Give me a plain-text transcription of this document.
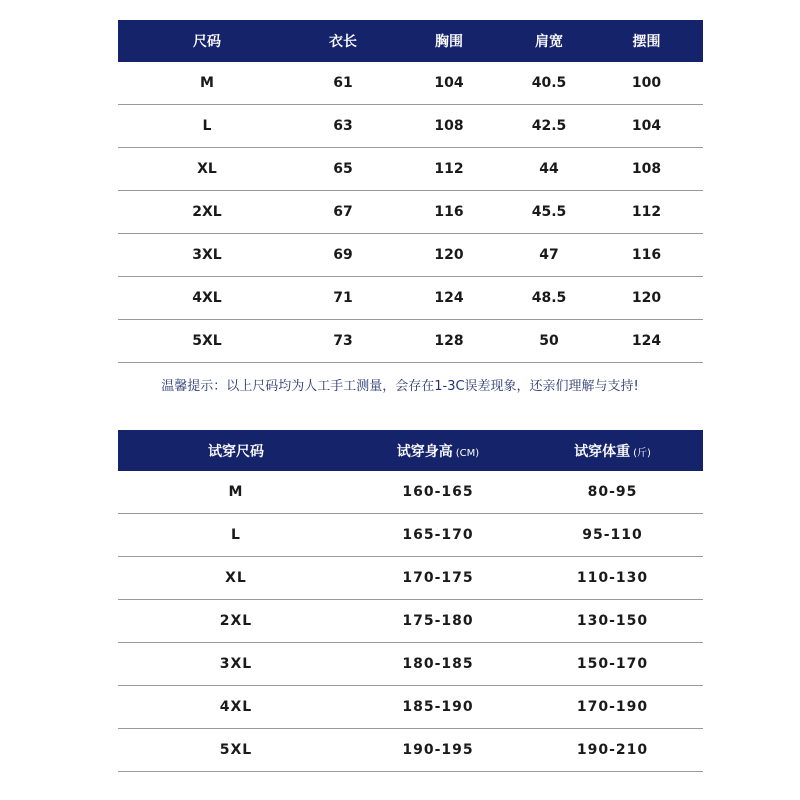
尺码	衣长	胸围	肩宽	摆围
M	61	104	40.5	100
L	63	108	42.5	104
XL	65	112	44	108
2XL	67	116	45.5	112
3XL	69	120	47	116
4XL	71	124	48.5	120
5XL	73	128	50	124
温馨提示：以上尺码均为人工手工测量，会存在1-3C误差现象，还亲们理解与支持!
试穿尺码	试穿身高 (CM)	试穿体重 (斤)
M	160-165	80-95
L	165-170	95-110
XL	170-175	110-130
2XL	175-180	130-150
3XL	180-185	150-170
4XL	185-190	170-190
5XL	190-195	190-210
